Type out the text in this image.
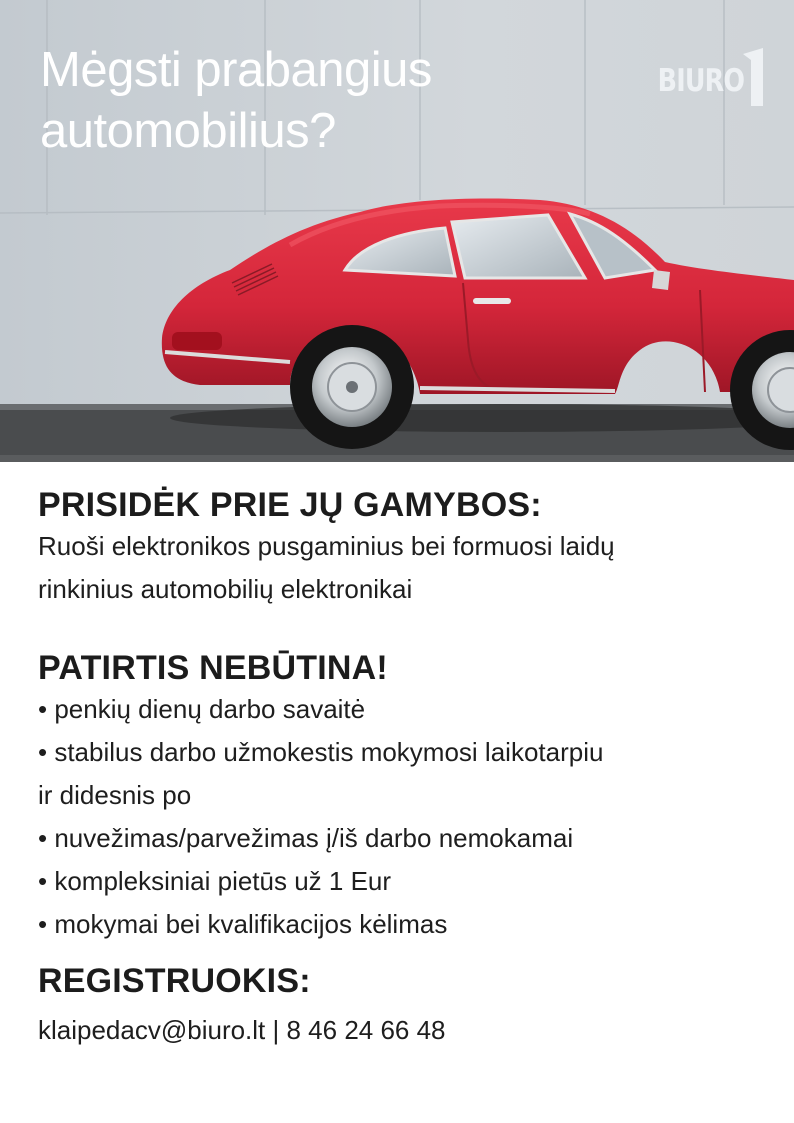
Mėgsti prabangius
automobilius?
BIURO
PRISIDĖK PRIE JŲ GAMYBOS:

Ruoši elektronikos pusgaminius bei formuosi laidų

rinkinius automobilių elektronikai

PATIRTIS NEBŪTINA!
• penkių dienų darbo savaitė
• stabilus darbo užmokestis mokymosi laikotarpiu

ir didesnis po

• nuvežimas/parvežimas į/iš darbo nemokamai
• kompleksiniai pietūs už 1 Eur
• mokymai bei kvalifikacijos kėlimas
REGISTRUOKIS:

klaipedacv@biuro.lt | 8 46 24 66 48
